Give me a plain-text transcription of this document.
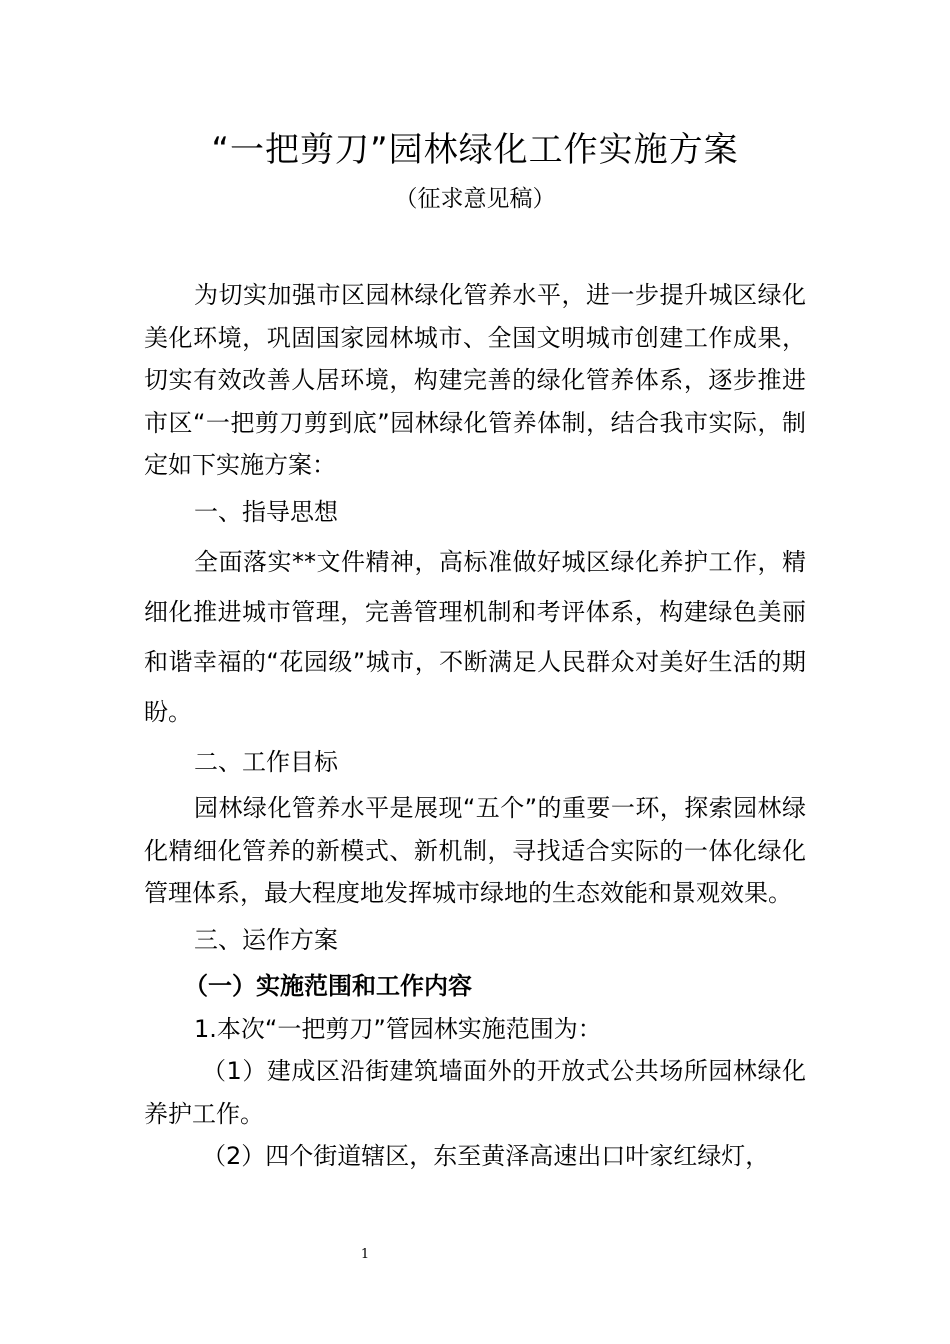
“一把剪刀”园林绿化工作实施方案
（征求意见稿）

为切实加强市区园林绿化管养水平，进一步提升城区绿化美化环境，巩固国家园林城市、全国文明城市创建工作成果，切实有效改善人居环境，构建完善的绿化管养体系，逐步推进市区“一把剪刀剪到底”园林绿化管养体制，结合我市实际，制定如下实施方案：

一、指导思想

全面落实**文件精神，高标准做好城区绿化养护工作，精细化推进城市管理，完善管理机制和考评体系，构建绿色美丽和谐幸福的“花园级”城市，不断满足人民群众对美好生活的期盼。

二、工作目标

园林绿化管养水平是展现“五个”的重要一环，探索园林绿化精细化管养的新模式、新机制，寻找适合实际的一体化绿化管理体系，最大程度地发挥城市绿地的生态效能和景观效果。

三、运作方案

（一）实施范围和工作内容

1.本次“一把剪刀”管园林实施范围为：

（1）建成区沿街建筑墙面外的开放式公共场所园林绿化养护工作。

（2）四个街道辖区，东至黄泽高速出口叶家红绿灯，

1
